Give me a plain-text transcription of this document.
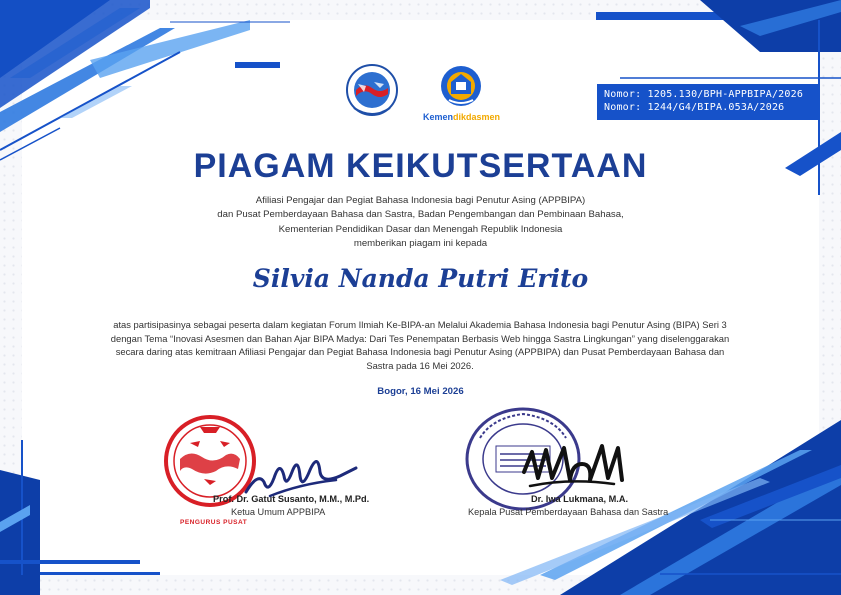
Nomor: 1205.130/BPH-APPBIPA/2026
Nomor: 1244/G4/BIPA.053A/2026
Kemendikdasmen
PIAGAM KEIKUTSERTAAN
Afiliasi Pengajar dan Pegiat Bahasa Indonesia bagi Penutur Asing (APPBIPA)
dan Pusat Pemberdayaan Bahasa dan Sastra, Badan Pengembangan dan Pembinaan Bahasa,
Kementerian Pendidikan Dasar dan Menengah Republik Indonesia
memberikan piagam ini kepada
Silvia Nanda Putri Erito
atas partisipasinya sebagai peserta dalam kegiatan Forum Ilmiah Ke-BIPA-an Melalui Akademia Bahasa Indonesia bagi Penutur Asing (BIPA) Seri 3
dengan Tema “Inovasi Asesmen dan Bahan Ajar BIPA Madya: Dari Tes Penempatan Berbasis Web hingga Sastra Lingkungan” yang diselenggarakan
secara daring atas kemitraan Afiliasi Pengajar dan Pegiat Bahasa Indonesia bagi Penutur Asing (APPBIPA) dan Pusat Pemberdayaan Bahasa dan
Sastra pada 16 Mei 2026.
Bogor, 16 Mei 2026
PENGURUS PUSAT
Prof. Dr. Gatut Susanto, M.M., M.Pd.
Ketua Umum APPBIPA
Dr. Iwa Lukmana, M.A.
Kepala Pusat Pemberdayaan Bahasa dan Sastra
